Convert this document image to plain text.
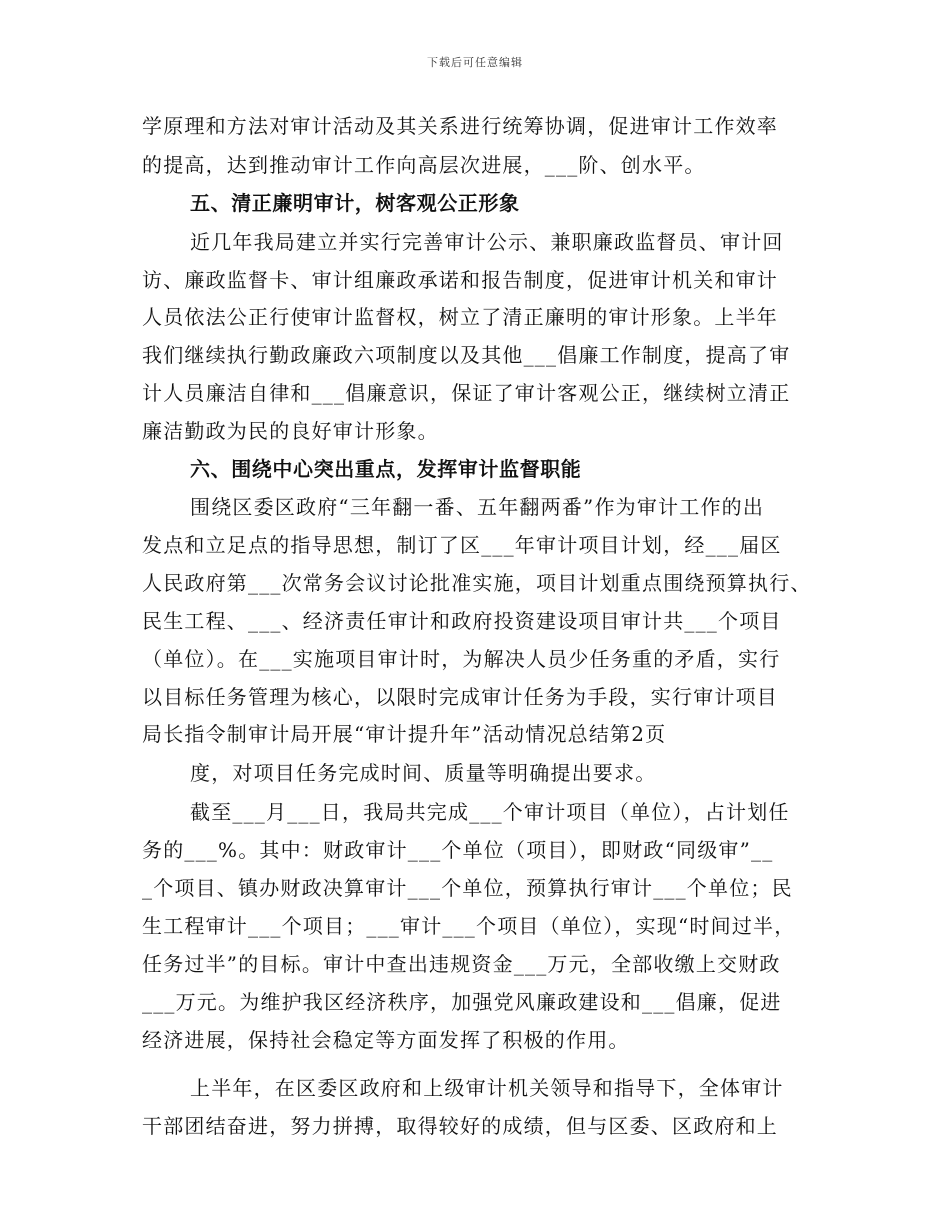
下载后可任意编辑
学原理和方法对审计活动及其关系进行统筹协调，促进审计工作效率
的提高，达到推动审计工作向高层次进展，___阶、创水平。
五、清正廉明审计，树客观公正形象
近几年我局建立并实行完善审计公示、兼职廉政监督员、审计回
访、廉政监督卡、审计组廉政承诺和报告制度，促进审计机关和审计
人员依法公正行使审计监督权，树立了清正廉明的审计形象。上半年
我们继续执行勤政廉政六项制度以及其他___倡廉工作制度，提高了审
计人员廉洁自律和___倡廉意识，保证了审计客观公正，继续树立清正
廉洁勤政为民的良好审计形象。
六、围绕中心突出重点，发挥审计监督职能
围绕区委区政府“三年翻一番、五年翻两番”作为审计工作的出
发点和立足点的指导思想，制订了区___年审计项目计划，经___届区
人民政府第___次常务会议讨论批准实施，项目计划重点围绕预算执行、
民生工程、___、经济责任审计和政府投资建设项目审计共___个项目
（单位）。在___实施项目审计时，为解决人员少任务重的矛盾，实行
以目标任务管理为核心，以限时完成审计任务为手段，实行审计项目
局长指令制审计局开展“审计提升年”活动情况总结第2页
度，对项目任务完成时间、质量等明确提出要求。
截至___月___日，我局共完成___个审计项目（单位），占计划任
务的___%。其中：财政审计___个单位（项目），即财政“同级审”__
_个项目、镇办财政决算审计___个单位，预算执行审计___个单位；民
生工程审计___个项目；___审计___个项目（单位），实现“时间过半，
任务过半”的目标。审计中查出违规资金___万元，全部收缴上交财政
___万元。为维护我区经济秩序，加强党风廉政建设和___倡廉，促进
经济进展，保持社会稳定等方面发挥了积极的作用。
上半年，在区委区政府和上级审计机关领导和指导下，全体审计
干部团结奋进，努力拼搏，取得较好的成绩，但与区委、区政府和上
